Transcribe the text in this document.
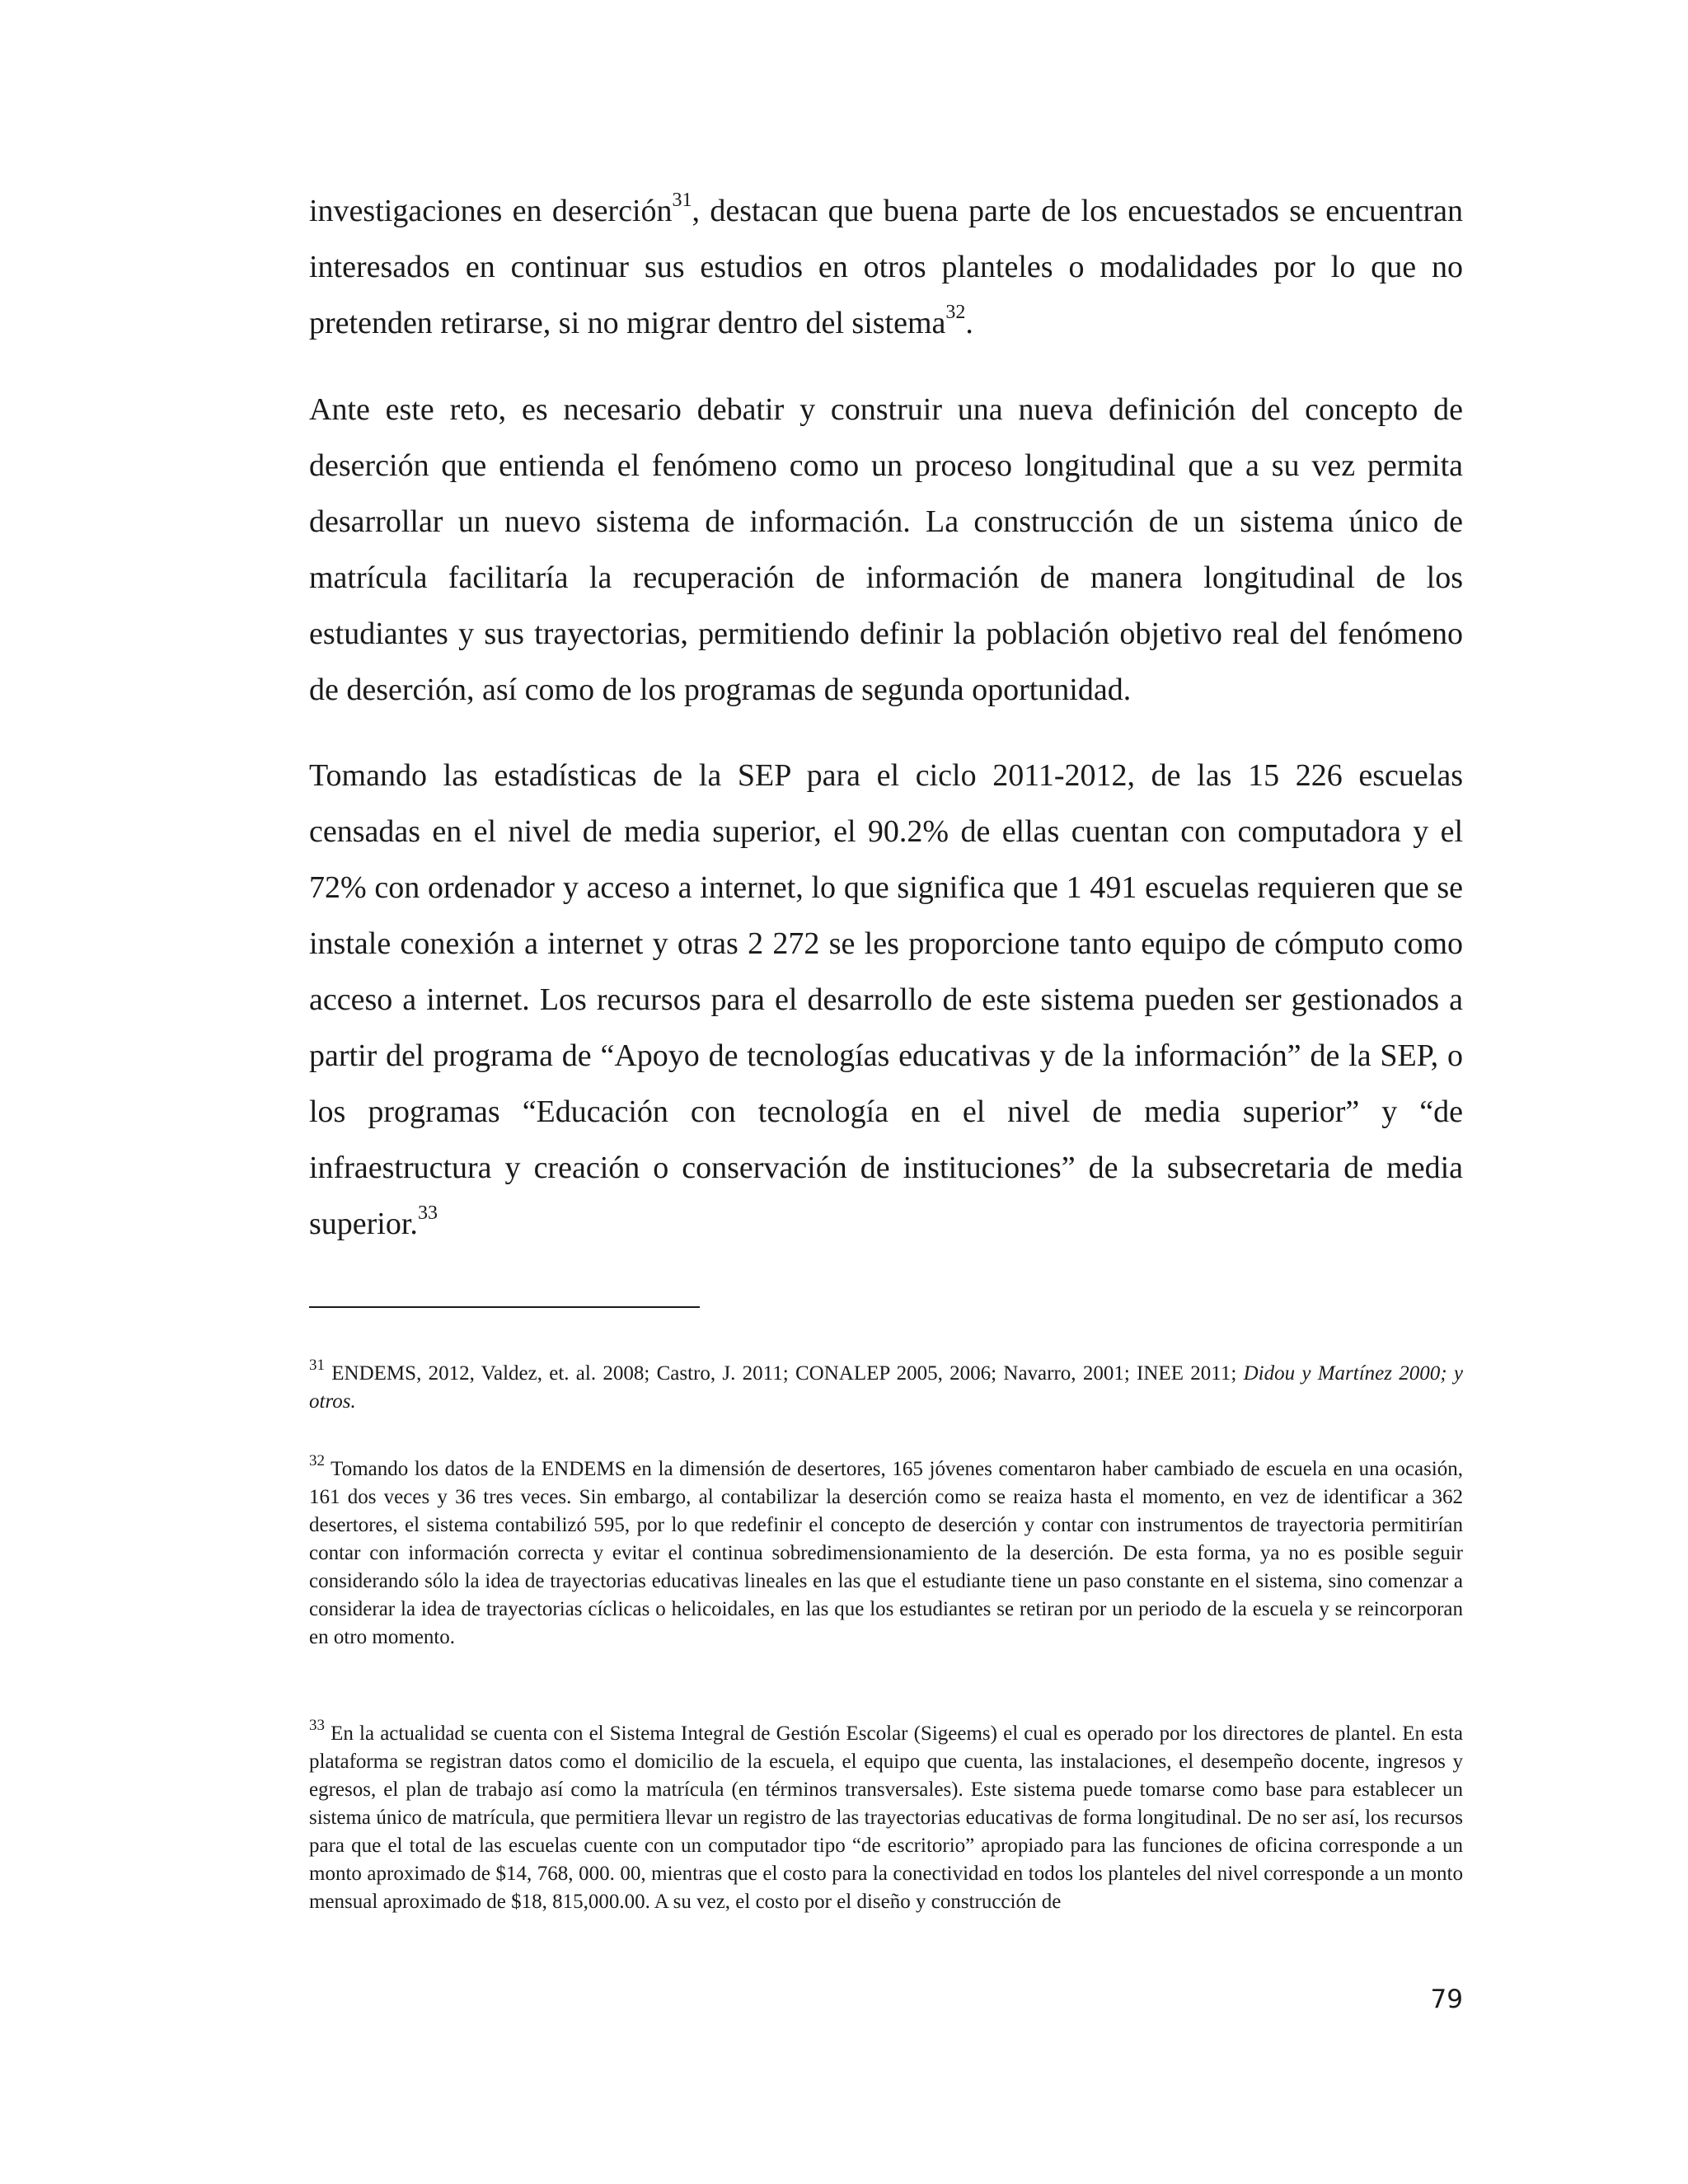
investigaciones en deserción$^{31}$, destacan que buena parte de los encuestados se encuentran interesados en continuar sus estudios en otros planteles o modalidades por lo que no pretenden retirarse, si no migrar dentro del sistema$^{32}$.

Ante este reto, es necesario debatir y construir una nueva definición del concepto de deserción que entienda el fenómeno como un proceso longitudinal que a su vez permita desarrollar un nuevo sistema de información. La construcción de un sistema único de matrícula facilitaría la recuperación de información de manera longitudinal de los estudiantes y sus trayectorias, permitiendo definir la población objetivo real del fenómeno de deserción, así como de los programas de segunda oportunidad.

Tomando las estadísticas de la SEP para el ciclo 2011-2012, de las 15 226 escuelas censadas en el nivel de media superior, el 90.2% de ellas cuentan con computadora y el 72% con ordenador y acceso a internet, lo que significa que 1 491 escuelas requieren que se instale conexión a internet y otras 2 272 se les proporcione tanto equipo de cómputo como acceso a internet. Los recursos para el desarrollo de este sistema pueden ser gestionados a partir del programa de “Apoyo de tecnologías educativas y de la información” de la SEP, o los programas “Educación con tecnología en el nivel de media superior” y “de infraestructura y creación o conservación de instituciones” de la subsecretaria de media superior.$^{33}$

$^{31}$ ENDEMS, 2012, Valdez, et. al. 2008; Castro, J. 2011; CONALEP 2005, 2006; Navarro, 2001; INEE 2011; Didou y Martínez 2000; y otros.

$^{32}$ Tomando los datos de la ENDEMS en la dimensión de desertores, 165 jóvenes comentaron haber cambiado de escuela en una ocasión, 161 dos veces y 36 tres veces. Sin embargo, al contabilizar la deserción como se reaiza hasta el momento, en vez de identificar a 362 desertores, el sistema contabilizó 595, por lo que redefinir el concepto de deserción y contar con instrumentos de trayectoria permitirían contar con información correcta y evitar el continua sobredimensionamiento de la deserción. De esta forma, ya no es posible seguir considerando sólo la idea de trayectorias educativas lineales en las que el estudiante tiene un paso constante en el sistema, sino comenzar a considerar la idea de trayectorias cíclicas o helicoidales, en las que los estudiantes se retiran por un periodo de la escuela y se reincorporan en otro momento.

$^{33}$ En la actualidad se cuenta con el Sistema Integral de Gestión Escolar (Sigeems) el cual es operado por los directores de plantel. En esta plataforma se registran datos como el domicilio de la escuela, el equipo que cuenta, las instalaciones, el desempeño docente, ingresos y egresos, el plan de trabajo así como la matrícula (en términos transversales). Este sistema puede tomarse como base para establecer un sistema único de matrícula, que permitiera llevar un registro de las trayectorias educativas de forma longitudinal. De no ser así, los recursos para que el total de las escuelas cuente con un computador tipo “de escritorio” apropiado para las funciones de oficina corresponde a un monto aproximado de $14, 768, 000. 00, mientras que el costo para la conectividad en todos los planteles del nivel corresponde a un monto mensual aproximado de $18, 815,000.00. A su vez, el costo por el diseño y construcción de

79
